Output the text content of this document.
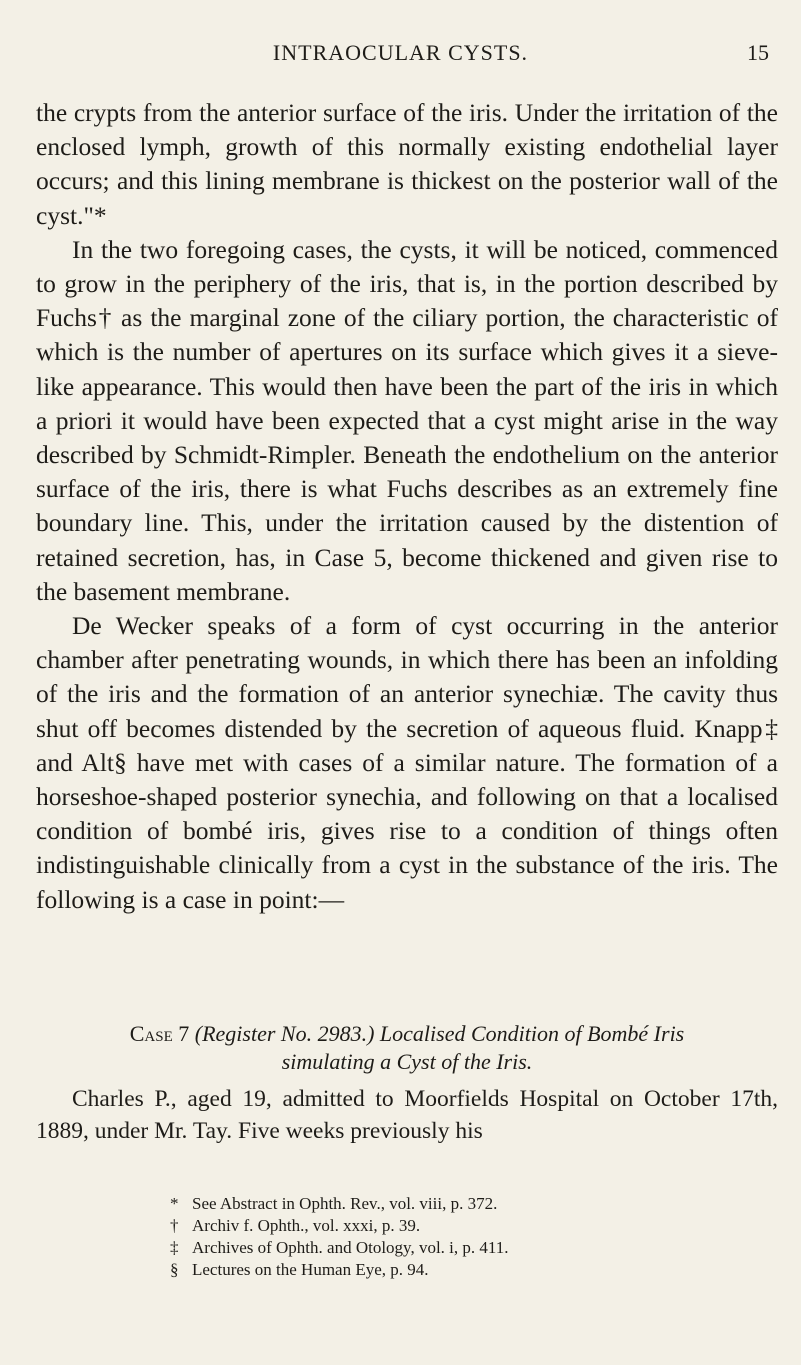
INTRAOCULAR CYSTS.	15

the crypts from the anterior surface of the iris. Under the irritation of the enclosed lymph, growth of this normally existing endothelial layer occurs; and this lining membrane is thickest on the posterior wall of the cyst."*

In the two foregoing cases, the cysts, it will be noticed, commenced to grow in the periphery of the iris, that is, in the portion described by Fuchs† as the marginal zone of the ciliary portion, the characteristic of which is the number of apertures on its surface which gives it a sieve-like appearance. This would then have been the part of the iris in which a priori it would have been expected that a cyst might arise in the way described by Schmidt-Rimpler. Beneath the endothelium on the anterior surface of the iris, there is what Fuchs describes as an extremely fine boundary line. This, under the irritation caused by the distention of retained secretion, has, in Case 5, become thickened and given rise to the basement membrane.

De Wecker speaks of a form of cyst occurring in the anterior chamber after penetrating wounds, in which there has been an infolding of the iris and the formation of an anterior synechiæ. The cavity thus shut off becomes distended by the secretion of aqueous fluid. Knapp‡ and Alt§ have met with cases of a similar nature. The formation of a horseshoe-shaped posterior synechia, and following on that a localised condition of bombé iris, gives rise to a condition of things often indistinguishable clinically from a cyst in the substance of the iris. The following is a case in point:—

Case 7 (Register No. 2983.) Localised Condition of Bombé Iris
simulating a Cyst of the Iris.

Charles P., aged 19, admitted to Moorfields Hospital on October 17th, 1889, under Mr. Tay. Five weeks previously his

* See Abstract in Ophth. Rev., vol. viii, p. 372.

† Archiv f. Ophth., vol. xxxi, p. 39.

‡ Archives of Ophth. and Otology, vol. i, p. 411.

§ Lectures on the Human Eye, p. 94.
